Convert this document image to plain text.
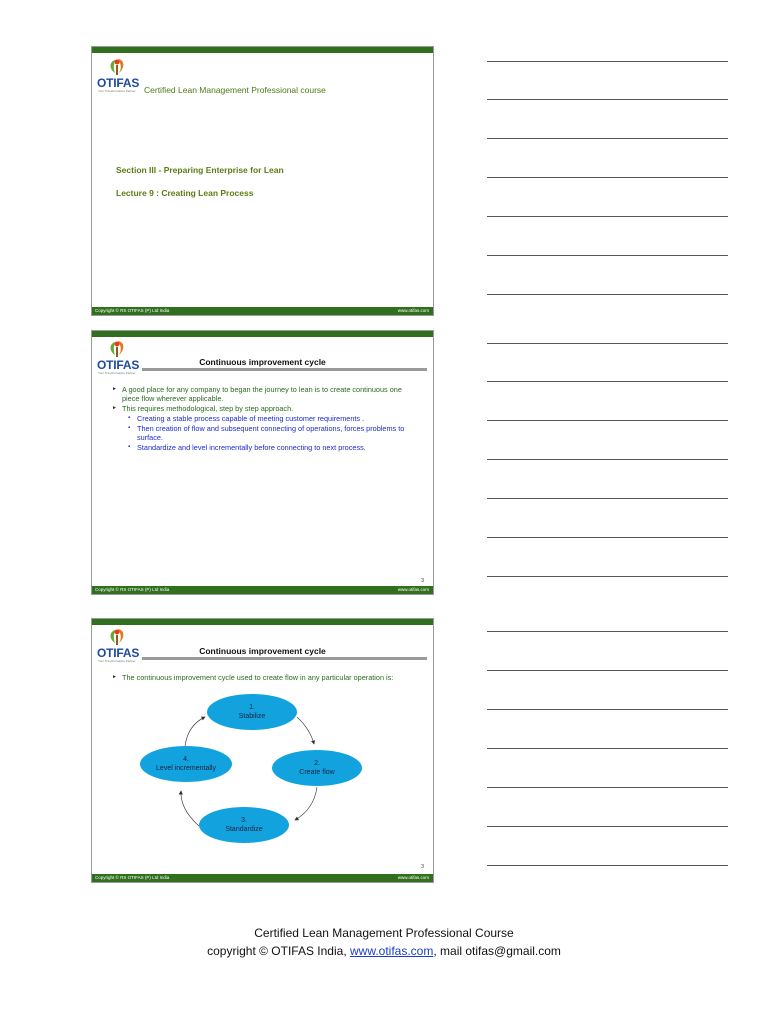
OTIFAS
Your Transformation Partner Certified Lean Management Professional course
Section III - Preparing Enterprise for Lean
Lecture 9 : Creating Lean Process
Copyright © RS OTIFAS (P) Ltd India	www.otifas.com
OTIFAS
Your Transformation Partner
Continuous improvement cycle
► A good place for any company to began the journey to lean is to create continuous one piece flow wherever applicable.
► This requires methodological, step by step approach.
▪ Creating a stable process capable of meeting customer requirements .
▪ Then creation of flow and subsequent connecting of operations, forces problems to surface.
▪ Standardize and level incrementally before connecting to next process.
3
Copyright © RS OTIFAS (P) Ltd India	www.otifas.com
OTIFAS
Your Transformation Partner
Continuous improvement cycle
► The continuous improvement cycle used to create flow in any particular operation is:
1.
Stabilize
2.
Create flow
3.
Standardize
4.
Level incrementally
3
Copyright © RS OTIFAS (P) Ltd India	www.otifas.com
Certified Lean Management Professional Course
copyright © OTIFAS India, www.otifas.com, mail otifas@gmail.com
